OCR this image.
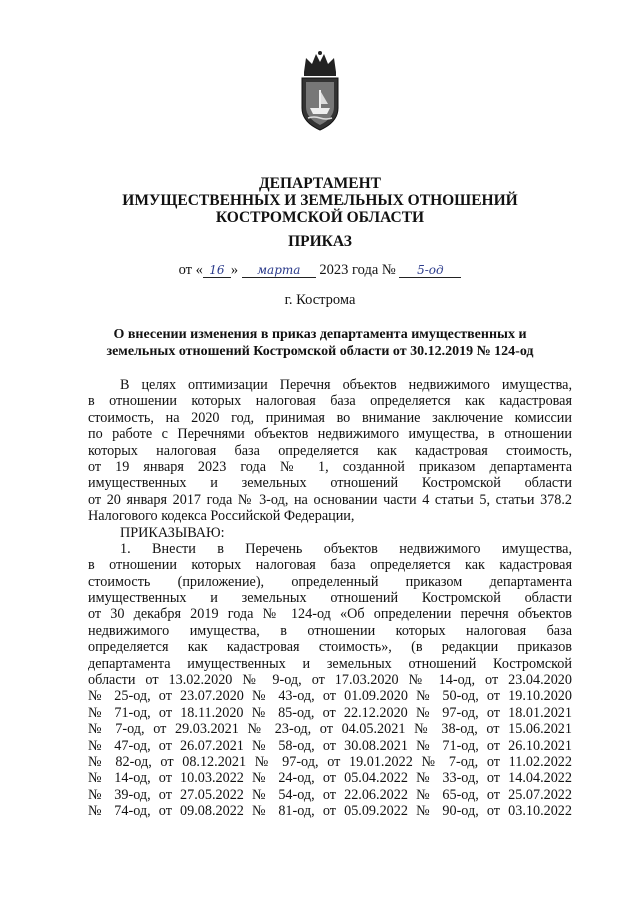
ДЕПАРТАМЕНТ
ИМУЩЕСТВЕННЫХ И ЗЕМЕЛЬНЫХ ОТНОШЕНИЙ
КОСТРОМСКОЙ ОБЛАСТИ
ПРИКАЗ
от « 16 » марта 2023 года № 5-од
г. Кострома
О внесении изменения в приказ департамента имущественных и
земельных отношений Костромской области от 30.12.2019 № 124-од
В целях оптимизации Перечня объектов недвижимого имущества,
в отношении которых налоговая база определяется как кадастровая
стоимость, на 2020 год, принимая во внимание заключение комиссии
по работе с Перечнями объектов недвижимого имущества, в отношении
которых налоговая база определяется как кадастровая стоимость,
от 19 января 2023 года № 1, созданной приказом департамента
имущественных и земельных отношений Костромской области
от 20 января 2017 года № 3-од, на основании части 4 статьи 5, статьи 378.2
Налогового кодекса Российской Федерации,
ПРИКАЗЫВАЮ:
1. Внести в Перечень объектов недвижимого имущества,
в отношении которых налоговая база определяется как кадастровая
стоимость (приложение), определенный приказом департамента
имущественных и земельных отношений Костромской области
от 30 декабря 2019 года № 124-од «Об определении перечня объектов
недвижимого имущества, в отношении которых налоговая база
определяется как кадастровая стоимость», (в редакции приказов
департамента имущественных и земельных отношений Костромской
области от 13.02.2020 № 9-од, от 17.03.2020 № 14-од, от 23.04.2020
№ 25-од, от 23.07.2020 № 43-од, от 01.09.2020 № 50-од, от 19.10.2020
№ 71-од, от 18.11.2020 № 85-од, от 22.12.2020 № 97-од, от 18.01.2021
№ 7-од, от 29.03.2021 № 23-од, от 04.05.2021 № 38-од, от 15.06.2021
№ 47-од, от 26.07.2021 № 58-од, от 30.08.2021 № 71-од, от 26.10.2021
№ 82-од, от 08.12.2021 № 97-од, от 19.01.2022 № 7-од, от 11.02.2022
№ 14-од, от 10.03.2022 № 24-од, от 05.04.2022 № 33-од, от 14.04.2022
№ 39-од, от 27.05.2022 № 54-од, от 22.06.2022 № 65-од, от 25.07.2022
№ 74-од, от 09.08.2022 № 81-од, от 05.09.2022 № 90-од, от 03.10.2022
